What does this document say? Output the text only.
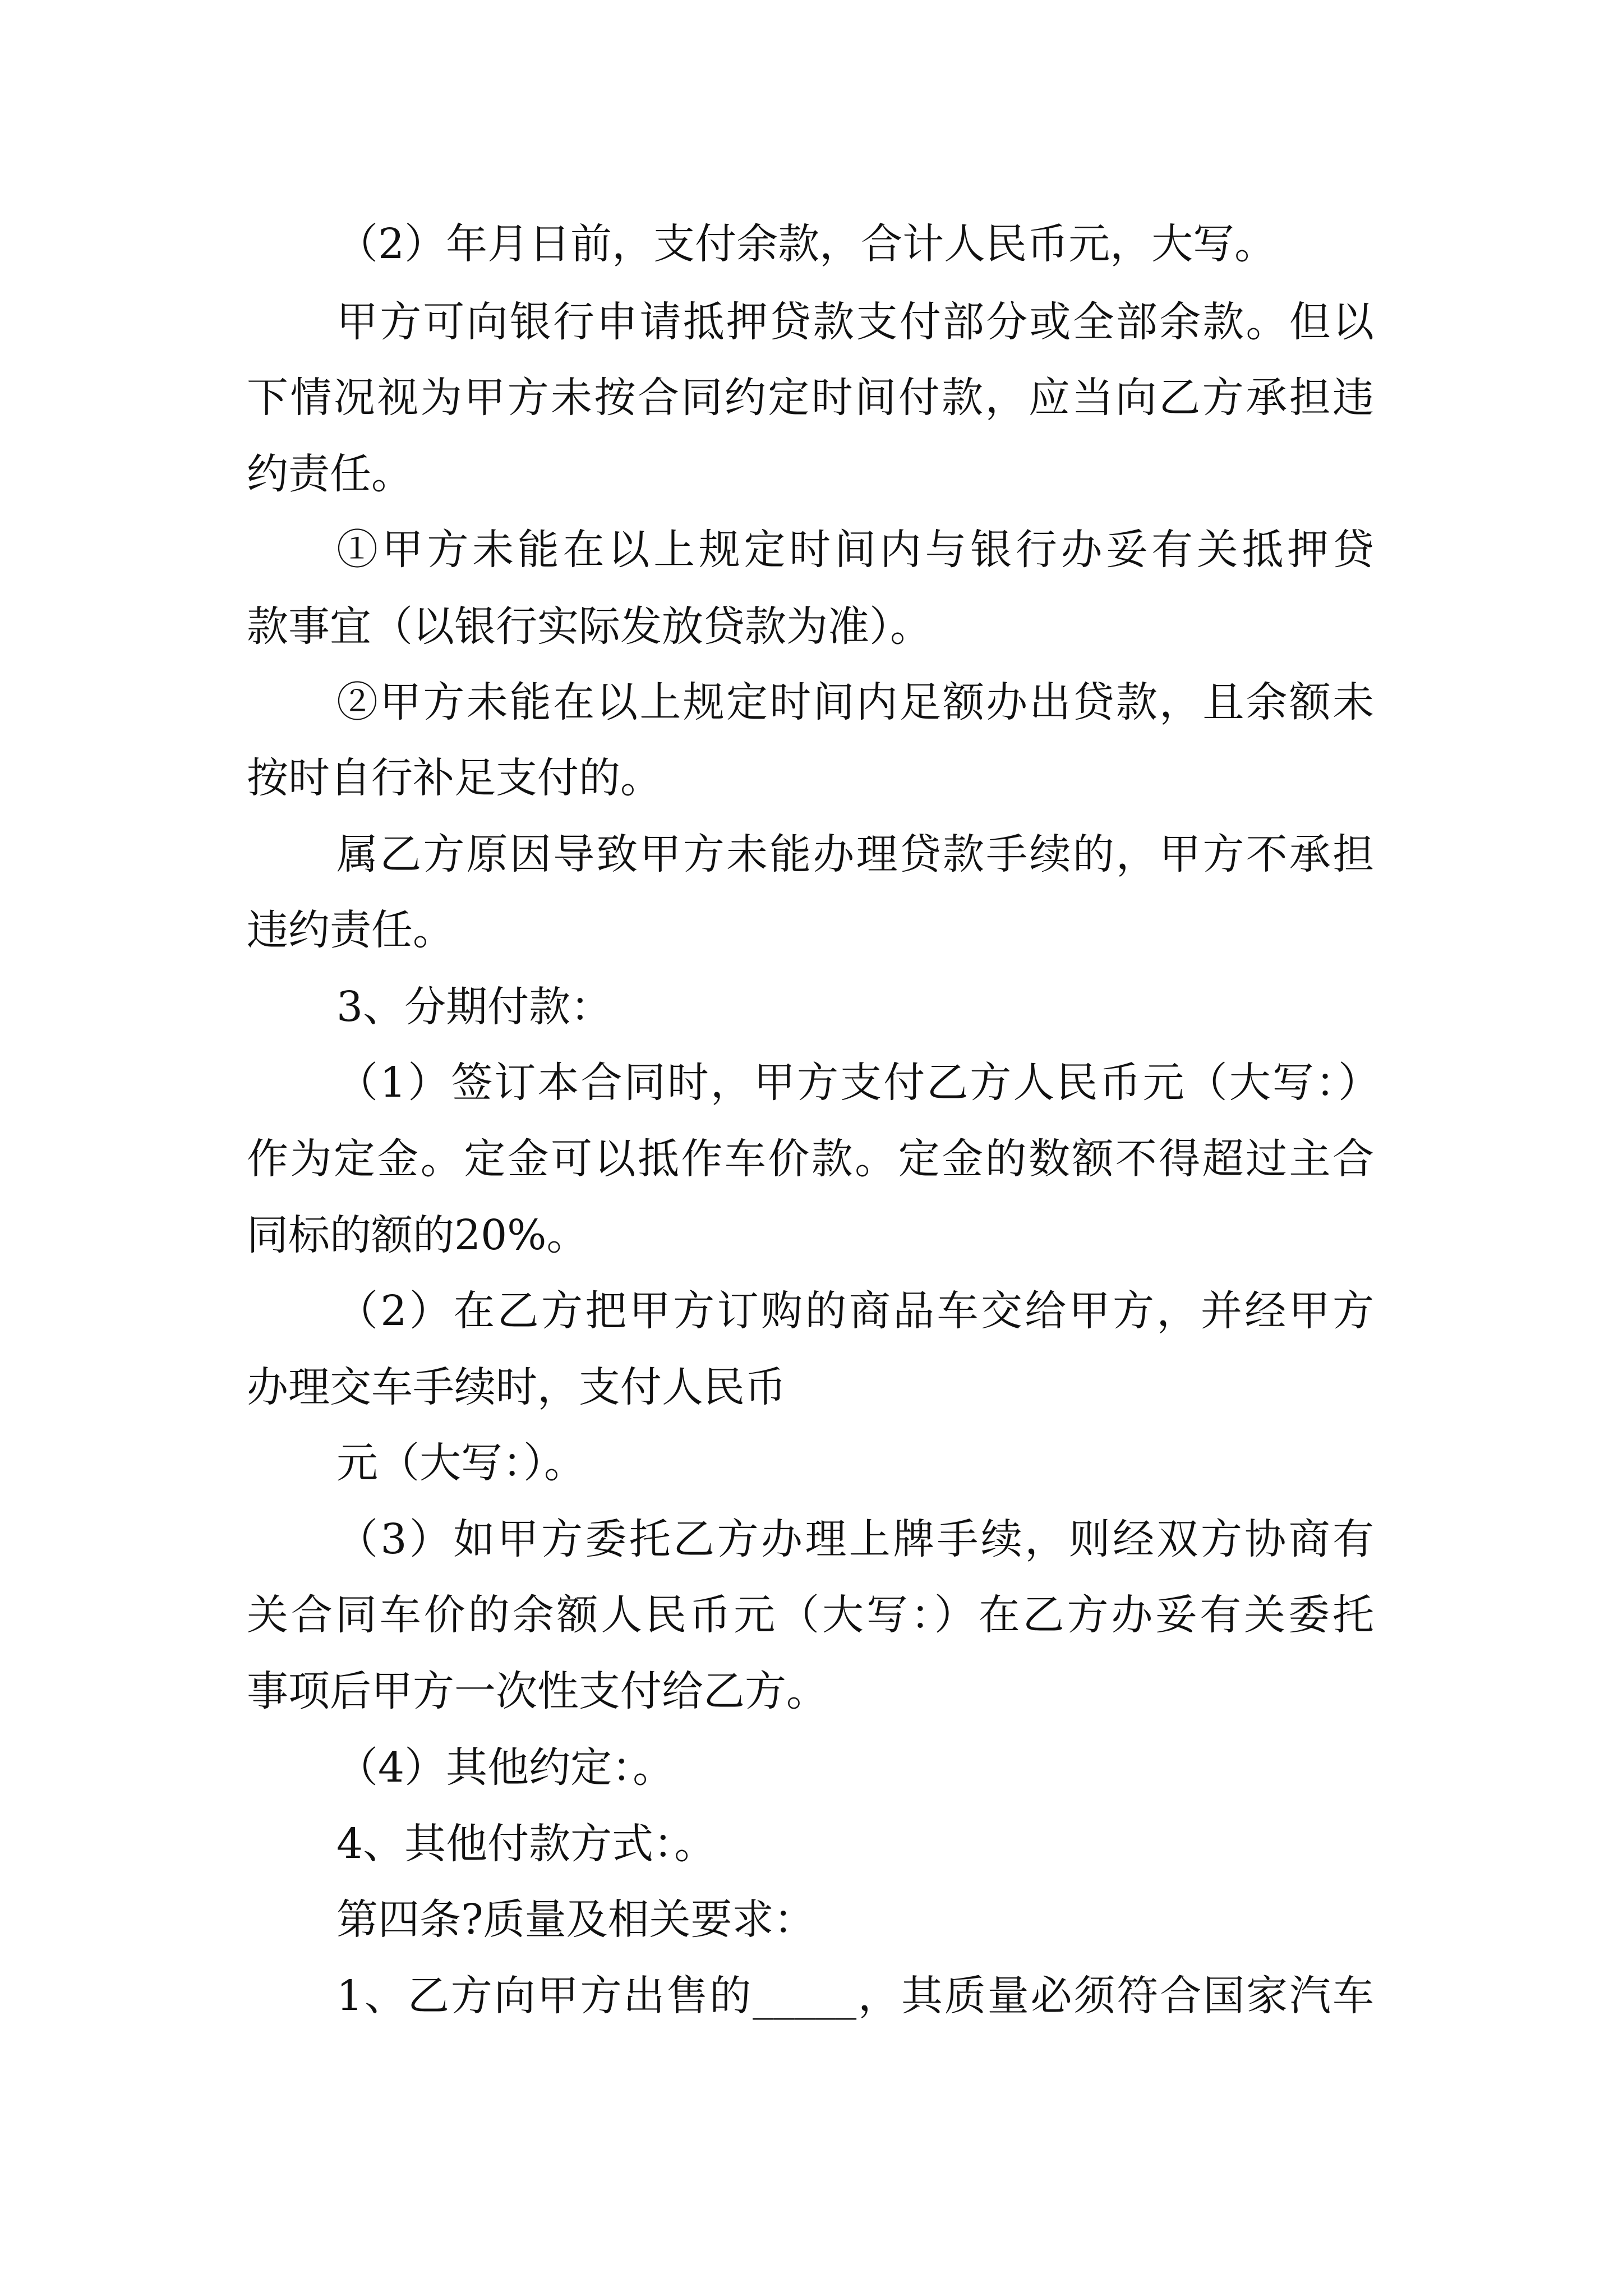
（2）年月日前，支付余款，合计人民币元，大写。
甲方可向银行申请抵押贷款支付部分或全部余款。但以
下情况视为甲方未按合同约定时间付款，应当向乙方承担违
约责任。
①甲方未能在以上规定时间内与银行办妥有关抵押贷
款事宜（以银行实际发放贷款为准）。
②甲方未能在以上规定时间内足额办出贷款，且余额未
按时自行补足支付的。
属乙方原因导致甲方未能办理贷款手续的，甲方不承担
违约责任。
3、分期付款：
（1）签订本合同时，甲方支付乙方人民币元（大写：）
作为定金。定金可以抵作车价款。定金的数额不得超过主合
同标的额的20%。
（2）在乙方把甲方订购的商品车交给甲方，并经甲方
办理交车手续时，支付人民币
元（大写：）。
（3）如甲方委托乙方办理上牌手续，则经双方协商有
关合同车价的余额人民币元（大写：）在乙方办妥有关委托
事项后甲方一次性支付给乙方。
（4）其他约定：。
4、其他付款方式：。
第四条?质量及相关要求：
1、乙方向甲方出售的_____，其质量必须符合国家汽车
